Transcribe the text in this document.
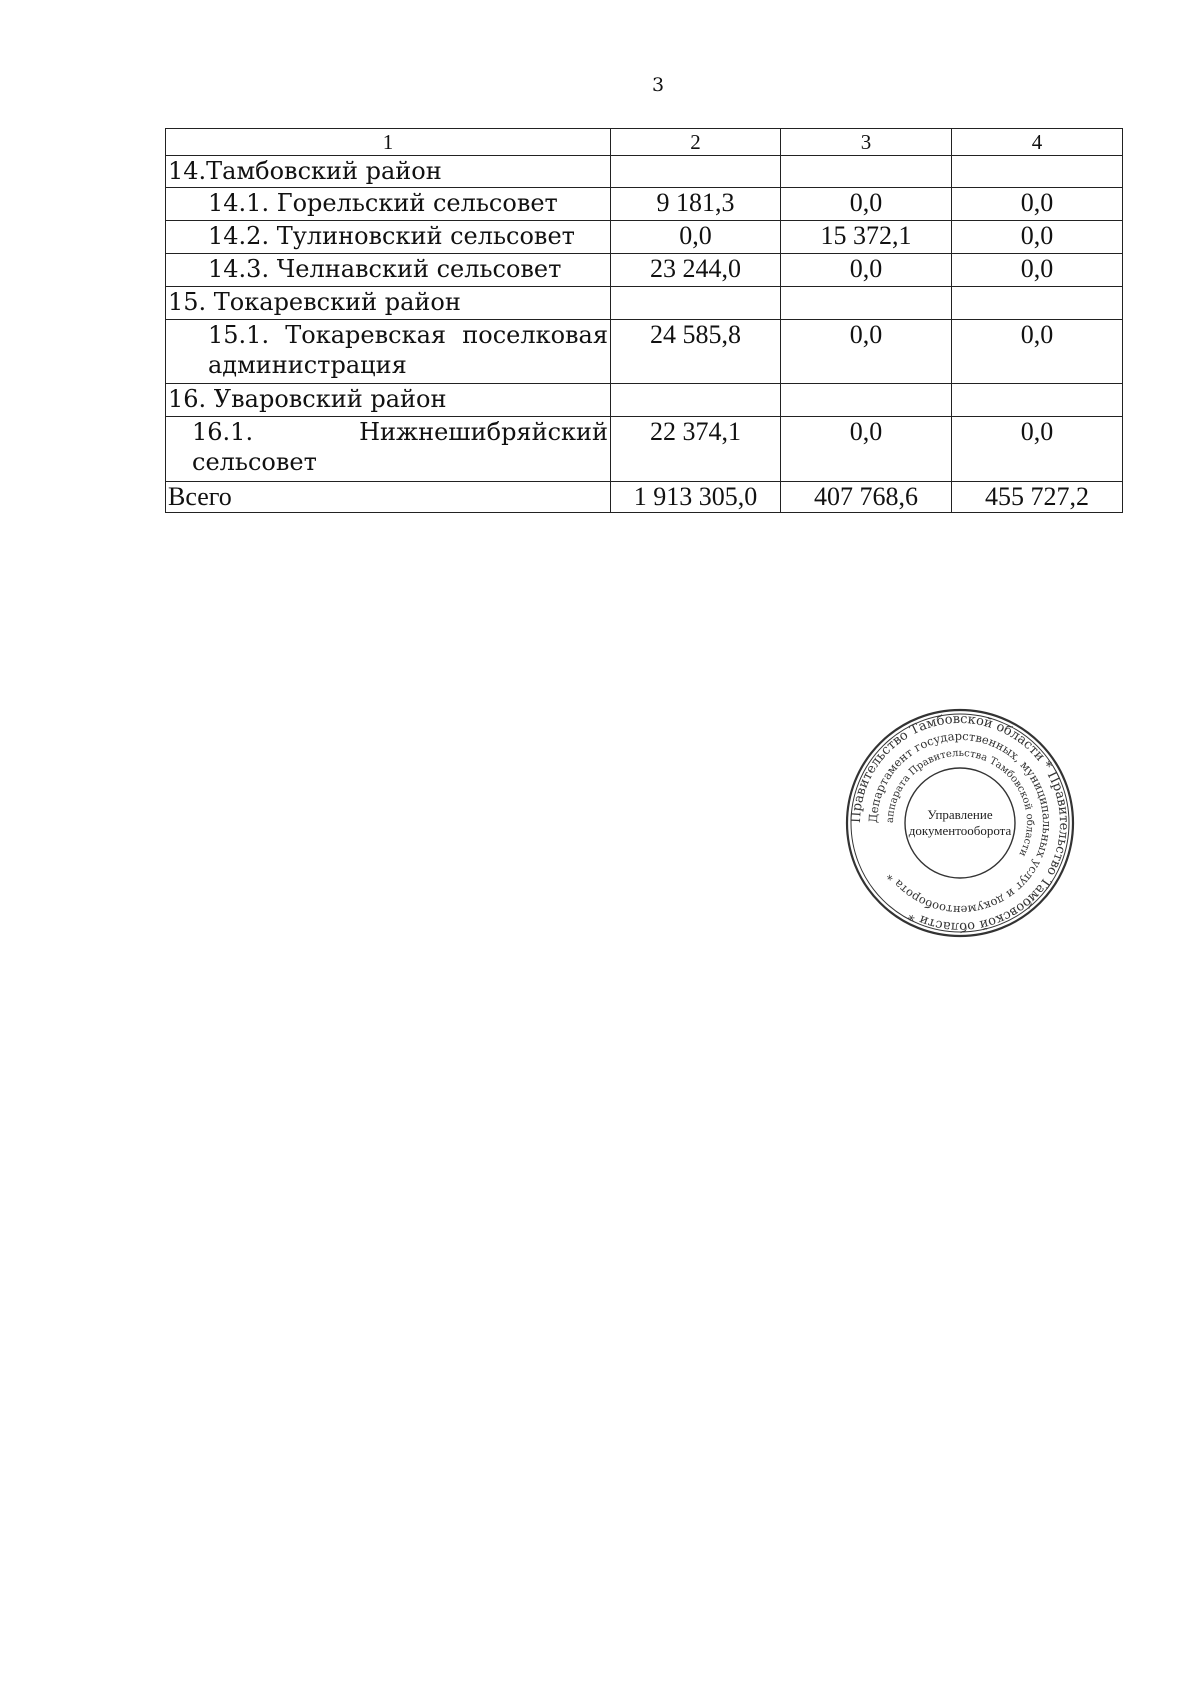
3
1	2	3	4
14.Тамбовский район			
14.1. Горельский сельсовет	9 181,3	0,0	0,0
14.2. Тулиновский сельсовет	0,0	15 372,1	0,0
14.3. Челнавский сельсовет	23 244,0	0,0	0,0
15. Токаревский район			
15.1. Токаревская поселковая администрация	24 585,8	0,0	0,0
16. Уваровский район			
16.1. Нижнешибряйский сельсовет	22 374,1	0,0	0,0
Всего	1 913 305,0	407 768,6	455 727,2
Правительство Тамбовской области * Правительство Тамбовской области *
Департамент государственных, муниципальных услуг и документооборота *
аппарата Правительства Тамбовской области
Управление
документооборота
